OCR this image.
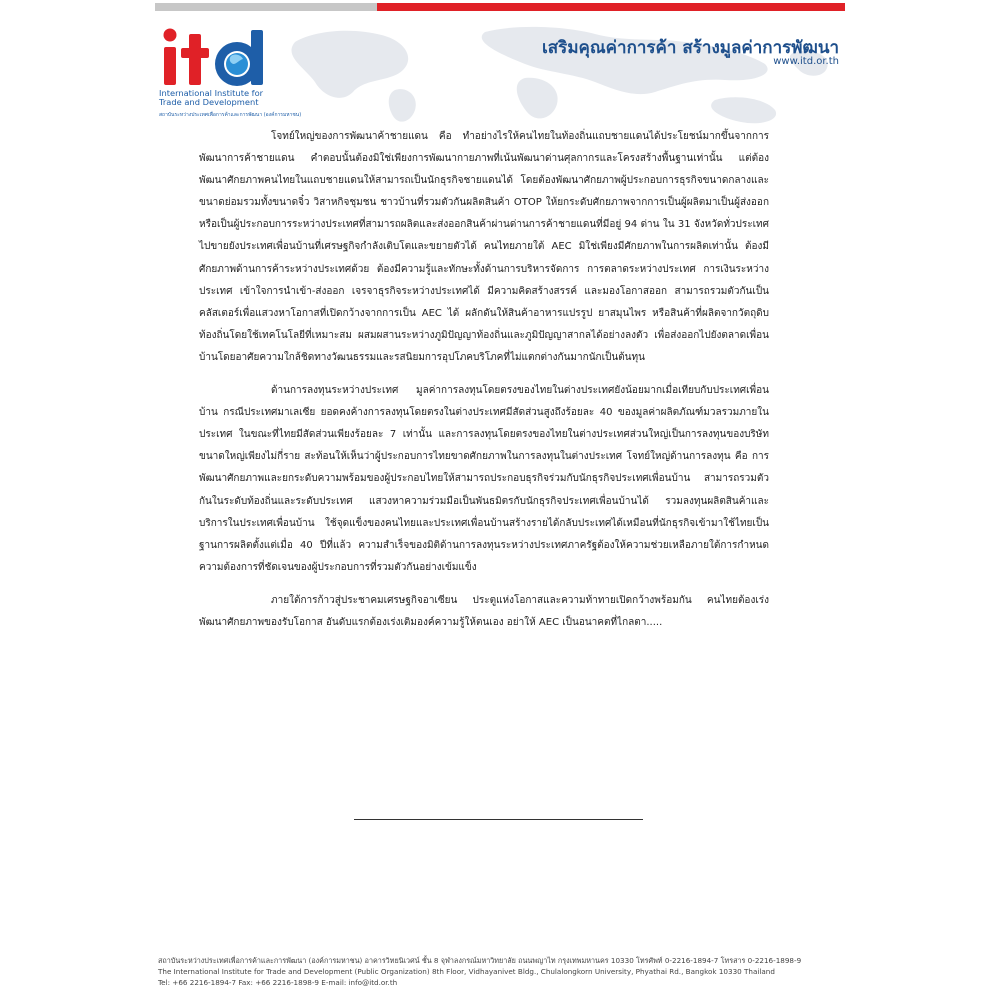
International Institute for
Trade and Development
สถาบันระหว่างประเทศเพื่อการค้าและการพัฒนา (องค์การมหาชน)
เสริมคุณค่าการค้า สร้างมูลค่าการพัฒนา
www.itd.or.th

โจทย์ใหญ่ของการพัฒนาค้าชายแดน คือ ทำอย่างไรให้คนไทยในท้องถิ่นแถบชายแดนได้ประโยชน์มากขึ้นจากการพัฒนาการค้าชายแดน คำตอบนั้นต้องมิใช่เพียงการพัฒนากายภาพที่เน้นพัฒนาด่านศุลกากรและโครงสร้างพื้นฐานเท่านั้น แต่ต้องพัฒนาศักยภาพคนไทยในแถบชายแดนให้สามารถเป็นนักธุรกิจชายแดนได้ โดยต้องพัฒนาศักยภาพผู้ประกอบการธุรกิจขนาดกลางและขนาดย่อมรวมทั้งขนาดจิ๋ว วิสาหกิจชุมชน ชาวบ้านที่รวมตัวกันผลิตสินค้า OTOP ให้ยกระดับศักยภาพจากการเป็นผู้ผลิตมาเป็นผู้ส่งออกหรือเป็นผู้ประกอบการระหว่างประเทศที่สามารถผลิตและส่งออกสินค้าผ่านด่านการค้าชายแดนที่มีอยู่ 94 ด่าน ใน 31 จังหวัดทั่วประเทศ ไปขายยังประเทศเพื่อนบ้านที่เศรษฐกิจกำลังเติบโตและขยายตัวได้ คนไทยภายใต้ AEC มิใช่เพียงมีศักยภาพในการผลิตเท่านั้น ต้องมีศักยภาพด้านการค้าระหว่างประเทศด้วย ต้องมีความรู้และทักษะทั้งด้านการบริหารจัดการ การตลาดระหว่างประเทศ การเงินระหว่างประเทศ เข้าใจการนำเข้า-ส่งออก เจรจาธุรกิจระหว่างประเทศได้ มีความคิดสร้างสรรค์ และมองโอกาสออก สามารถรวมตัวกันเป็นคลัสเตอร์เพื่อแสวงหาโอกาสที่เปิดกว้างจากการเป็น AEC ได้ ผลักดันให้สินค้าอาหารแปรรูป ยาสมุนไพร หรือสินค้าที่ผลิตจากวัตถุดิบท้องถิ่นโดยใช้เทคโนโลยีที่เหมาะสม ผสมผสานระหว่างภูมิปัญญาท้องถิ่นและภูมิปัญญาสากลได้อย่างลงตัว เพื่อส่งออกไปยังตลาดเพื่อนบ้านโดยอาศัยความใกล้ชิดทางวัฒนธรรมและรสนิยมการอุปโภคบริโภคที่ไม่แตกต่างกันมากนักเป็นต้นทุน

ด้านการลงทุนระหว่างประเทศ มูลค่าการลงทุนโดยตรงของไทยในต่างประเทศยังน้อยมากเมื่อเทียบกับประเทศเพื่อนบ้าน กรณีประเทศมาเลเซีย ยอดคงค้างการลงทุนโดยตรงในต่างประเทศมีสัดส่วนสูงถึงร้อยละ 40 ของมูลค่าผลิตภัณฑ์มวลรวมภายในประเทศ ในขณะที่ไทยมีสัดส่วนเพียงร้อยละ 7 เท่านั้น และการลงทุนโดยตรงของไทยในต่างประเทศส่วนใหญ่เป็นการลงทุนของบริษัทขนาดใหญ่เพียงไม่กี่ราย สะท้อนให้เห็นว่าผู้ประกอบการไทยขาดศักยภาพในการลงทุนในต่างประเทศ โจทย์ใหญ่ด้านการลงทุน คือ การพัฒนาศักยภาพและยกระดับความพร้อมของผู้ประกอบไทยให้สามารถประกอบธุรกิจร่วมกับนักธุรกิจประเทศเพื่อนบ้าน สามารถรวมตัวกันในระดับท้องถิ่นและระดับประเทศ แสวงหาความร่วมมือเป็นพันธมิตรกับนักธุรกิจประเทศเพื่อนบ้านได้ รวมลงทุนผลิตสินค้าและบริการในประเทศเพื่อนบ้าน ใช้จุดแข็งของคนไทยและประเทศเพื่อนบ้านสร้างรายได้กลับประเทศได้เหมือนที่นักธุรกิจเข้ามาใช้ไทยเป็นฐานการผลิตตั้งแต่เมื่อ 40 ปีที่แล้ว ความสำเร็จของมิติด้านการลงทุนระหว่างประเทศภาครัฐต้องให้ความช่วยเหลือภายใต้การกำหนดความต้องการที่ชัดเจนของผู้ประกอบการที่รวมตัวกันอย่างเข้มแข็ง

ภายใต้การก้าวสู่ประชาคมเศรษฐกิจอาเซียน ประตูแห่งโอกาสและความท้าทายเปิดกว้างพร้อมกัน คนไทยต้องเร่งพัฒนาศักยภาพของรับโอกาส อันดับแรกต้องเร่งเติมองค์ความรู้ให้ตนเอง อย่าให้ AEC เป็นอนาคตที่ไกลตา.....

สถาบันระหว่างประเทศเพื่อการค้าและการพัฒนา (องค์การมหาชน) อาคารวิทยนิเวศน์ ชั้น 8 จุฬาลงกรณ์มหาวิทยาลัย ถนนพญาไท กรุงเทพมหานคร 10330 โทรศัพท์ 0-2216-1894-7 โทรสาร 0-2216-1898-9
The International Institute for Trade and Development (Public Organization) 8th Floor, Vidhayanivet Bldg., Chulalongkorn University, Phyathai Rd., Bangkok 10330 Thailand
Tel: +66 2216-1894-7 Fax: +66 2216-1898-9 E-mail: info@itd.or.th
